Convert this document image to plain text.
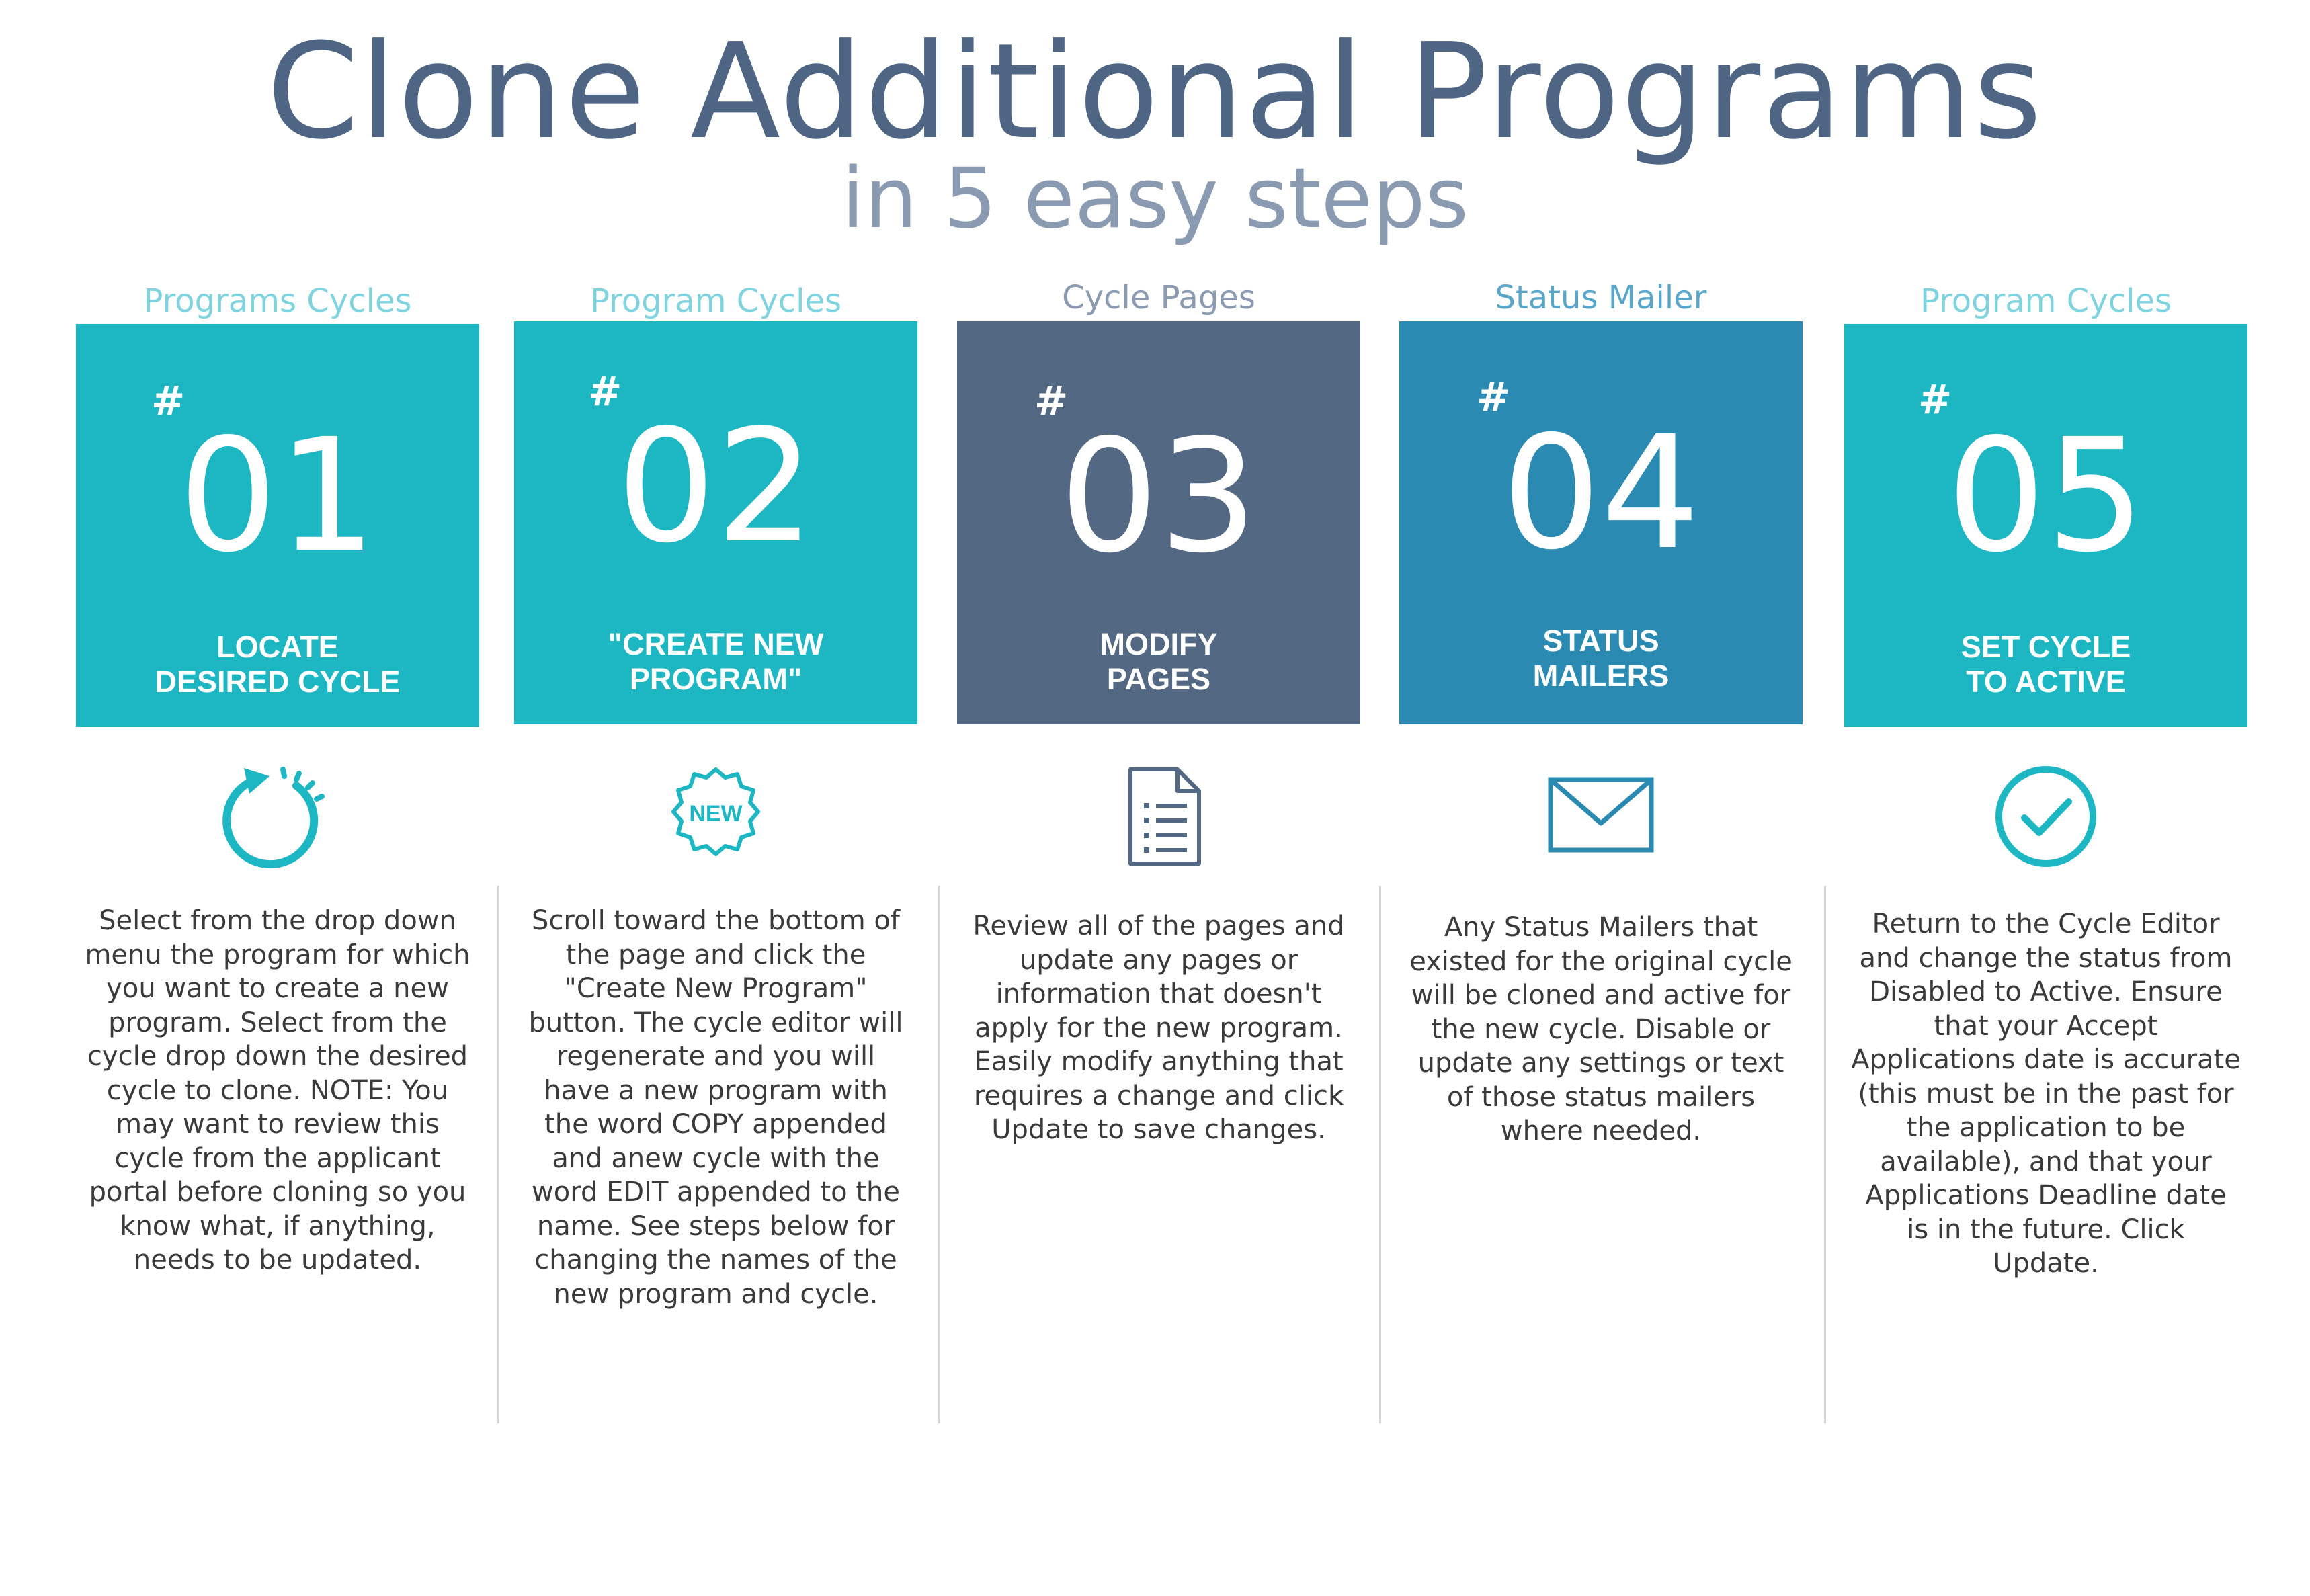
Clone Additional Programs
in 5 easy steps
Programs Cycles
#
01
LOCATE
DESIRED CYCLE
Select from the drop down menu the program for which you want to create a new program. Select from the cycle drop down the desired cycle to clone. NOTE: You may want to review this cycle from the applicant portal before cloning so you know what, if anything, needs to be updated.
Program Cycles
#
02
"CREATE NEW
PROGRAM"
NEW
Scroll toward the bottom of the page and click the "Create New Program" button. The cycle editor will regenerate and you will have a new program with the word COPY appended and anew cycle with the word EDIT appended to the name. See steps below for changing the names of the new program and cycle.
Cycle Pages
#
03
MODIFY
PAGES
Review all of the pages and update any pages or information that doesn't apply for the new program. Easily modify anything that requires a change and click Update to save changes.
Status Mailer
#
04
STATUS
MAILERS
Any Status Mailers that existed for the original cycle will be cloned and active for the new cycle. Disable or update any settings or text of those status mailers where needed.
Program Cycles
#
05
SET CYCLE
TO ACTIVE
Return to the Cycle Editor and change the status from Disabled to Active. Ensure that your Accept Applications date is accurate (this must be in the past for the application to be available), and that your Applications Deadline date is in the future. Click Update.
